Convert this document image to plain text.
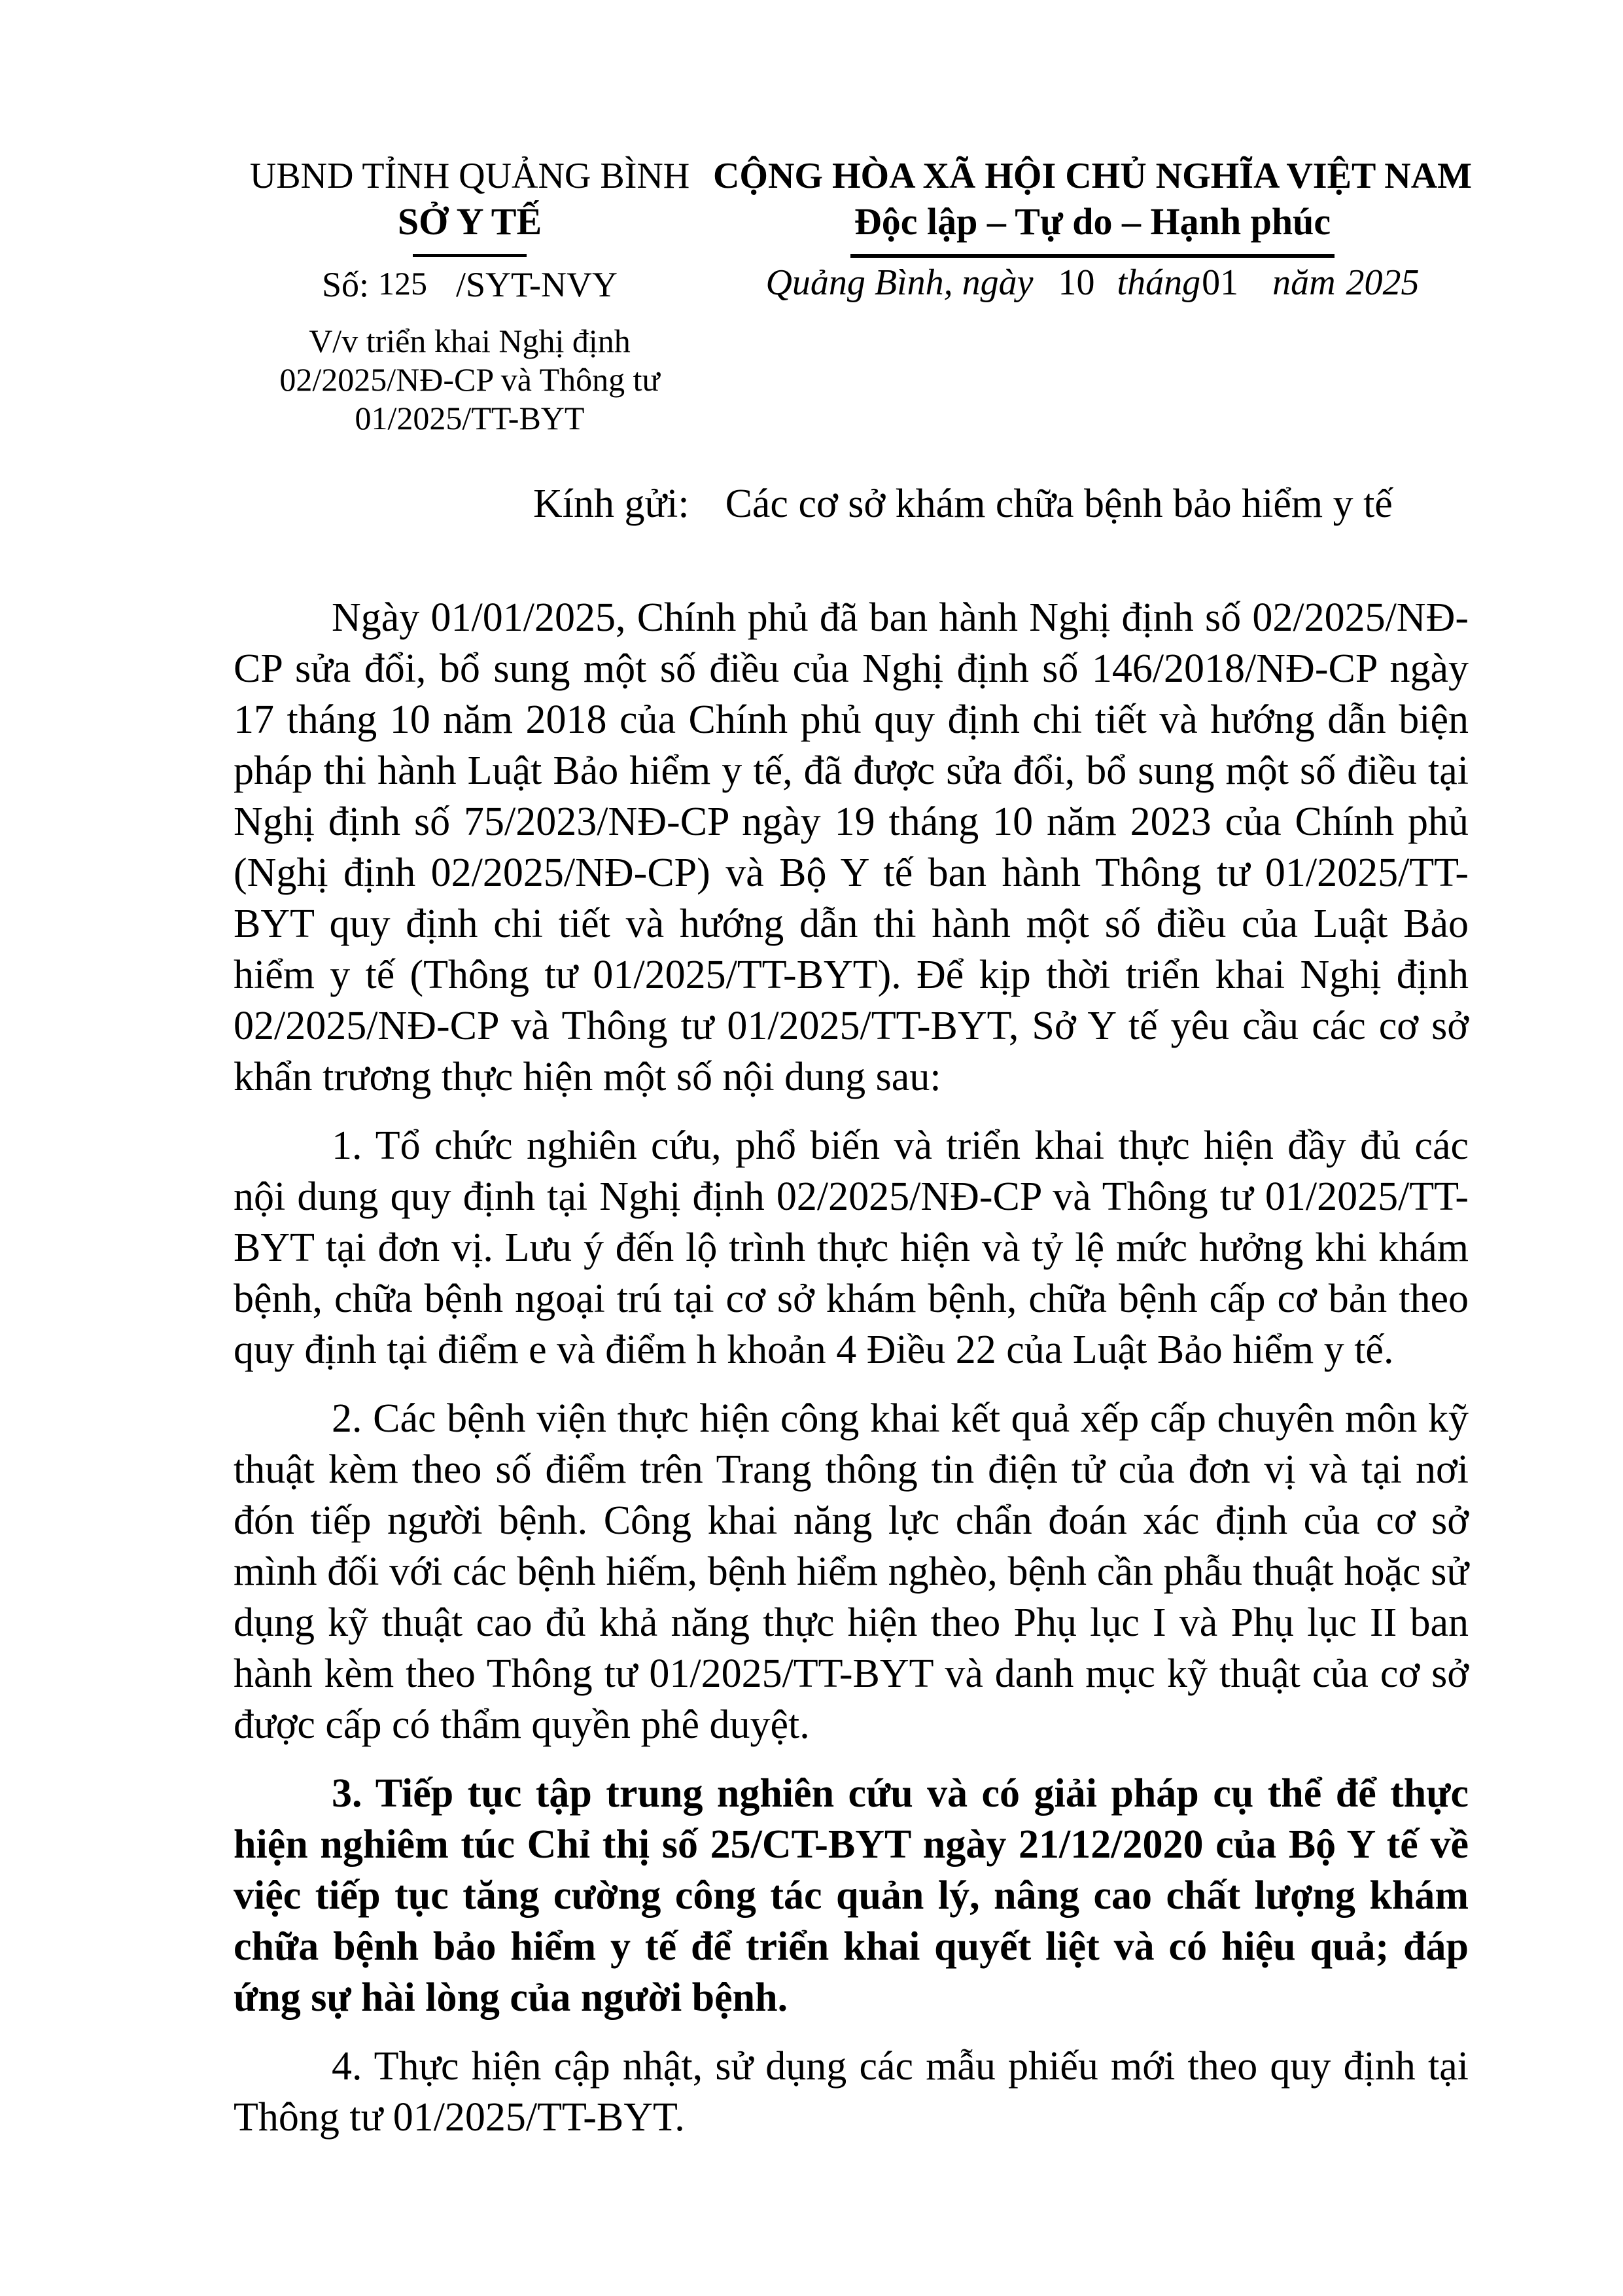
UBND TỈNH QUẢNG BÌNH
SỞ Y TẾ
Số: 125 /SYT-NVY
V/v triển khai Nghị định
02/2025/NĐ-CP và Thông tư
01/2025/TT-BYT
CỘNG HÒA XÃ HỘI CHỦ NGHĨA VIỆT NAM
Độc lập – Tự do – Hạnh phúc
Quảng Bình, ngày 10 tháng01 năm 2025
Kính gửi: Các cơ sở khám chữa bệnh bảo hiểm y tế

Ngày 01/01/2025, Chính phủ đã ban hành Nghị định số 02/2025/NĐ-CP sửa đổi, bổ sung một số điều của Nghị định số 146/2018/NĐ-CP ngày 17 tháng 10 năm 2018 của Chính phủ quy định chi tiết và hướng dẫn biện pháp thi hành Luật Bảo hiểm y tế, đã được sửa đổi, bổ sung một số điều tại Nghị định số 75/2023/NĐ-CP ngày 19 tháng 10 năm 2023 của Chính phủ (Nghị định 02/2025/NĐ-CP) và Bộ Y tế ban hành Thông tư 01/2025/TT-BYT quy định chi tiết và hướng dẫn thi hành một số điều của Luật Bảo hiểm y tế (Thông tư 01/2025/TT-BYT). Để kịp thời triển khai Nghị định 02/2025/NĐ-CP và Thông tư 01/2025/TT-BYT, Sở Y tế yêu cầu các cơ sở khẩn trương thực hiện một số nội dung sau:

1. Tổ chức nghiên cứu, phổ biến và triển khai thực hiện đầy đủ các nội dung quy định tại Nghị định 02/2025/NĐ-CP và Thông tư 01/2025/TT-BYT tại đơn vị. Lưu ý đến lộ trình thực hiện và tỷ lệ mức hưởng khi khám bệnh, chữa bệnh ngoại trú tại cơ sở khám bệnh, chữa bệnh cấp cơ bản theo quy định tại điểm e và điểm h khoản 4 Điều 22 của Luật Bảo hiểm y tế.

2. Các bệnh viện thực hiện công khai kết quả xếp cấp chuyên môn kỹ thuật kèm theo số điểm trên Trang thông tin điện tử của đơn vị và tại nơi đón tiếp người bệnh. Công khai năng lực chẩn đoán xác định của cơ sở mình đối với các bệnh hiếm, bệnh hiểm nghèo, bệnh cần phẫu thuật hoặc sử dụng kỹ thuật cao đủ khả năng thực hiện theo Phụ lục I và Phụ lục II ban hành kèm theo Thông tư 01/2025/TT-BYT và danh mục kỹ thuật của cơ sở được cấp có thẩm quyền phê duyệt.

3. Tiếp tục tập trung nghiên cứu và có giải pháp cụ thể để thực hiện nghiêm túc Chỉ thị số 25/CT-BYT ngày 21/12/2020 của Bộ Y tế về việc tiếp tục tăng cường công tác quản lý, nâng cao chất lượng khám chữa bệnh bảo hiểm y tế để triển khai quyết liệt và có hiệu quả; đáp ứng sự hài lòng của người bệnh.

4. Thực hiện cập nhật, sử dụng các mẫu phiếu mới theo quy định tại Thông tư 01/2025/TT-BYT.
